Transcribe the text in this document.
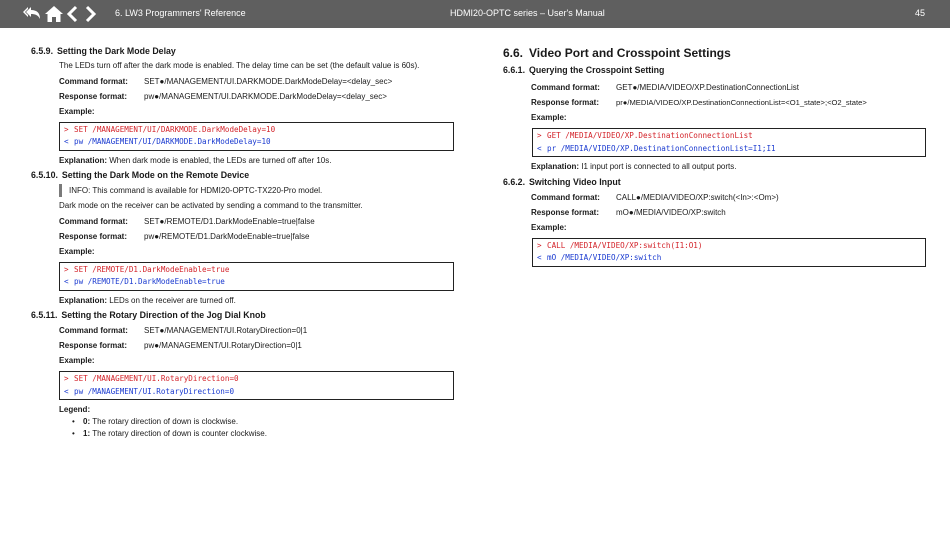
6. LW3 Programmers' Reference	HDMI20-OPTC series – User's Manual	45
6.5.9. Setting the Dark Mode Delay
The LEDs turn off after the dark mode is enabled. The delay time can be set (the default value is 60s).
Command format:	SET●/MANAGEMENT/UI.DARKMODE.DarkModeDelay=<delay_sec>
Response format:	pw●/MANAGEMENT/UI.DARKMODE.DarkModeDelay=<delay_sec>
Example:
> SET /MANAGEMENT/UI/DARKMODE.DarkModeDelay=10
< pw /MANAGEMENT/UI/DARKMODE.DarkModeDelay=10
Explanation: When dark mode is enabled, the LEDs are turned off after 10s.
6.5.10. Setting the Dark Mode on the Remote Device
INFO: This command is available for HDMI20-OPTC-TX220-Pro model.
Dark mode on the receiver can be activated by sending a command to the transmitter.
Command format:	SET●/REMOTE/D1.DarkModeEnable=true|false
Response format:	pw●/REMOTE/D1.DarkModeEnable=true|false
Example:
> SET /REMOTE/D1.DarkModeEnable=true
< pw /REMOTE/D1.DarkModeEnable=true
Explanation: LEDs on the receiver are turned off.
6.5.11. Setting the Rotary Direction of the Jog Dial Knob
Command format:	SET●/MANAGEMENT/UI.RotaryDirection=0|1
Response format:	pw●/MANAGEMENT/UI.RotaryDirection=0|1
Example:
> SET /MANAGEMENT/UI.RotaryDirection=0
< pw /MANAGEMENT/UI.RotaryDirection=0
Legend:
• 0: The rotary direction of down is clockwise.
• 1: The rotary direction of down is counter clockwise.
6.6. Video Port and Crosspoint Settings
6.6.1. Querying the Crosspoint Setting
Command format:	GET●/MEDIA/VIDEO/XP.DestinationConnectionList
Response format:	pr●/MEDIA/VIDEO/XP.DestinationConnectionList=<O1_state>;<O2_state>
Example:
> GET /MEDIA/VIDEO/XP.DestinationConnectionList
< pr /MEDIA/VIDEO/XP.DestinationConnectionList=I1;I1
Explanation: I1 input port is connected to all output ports.
6.6.2. Switching Video Input
Command format:	CALL●/MEDIA/VIDEO/XP:switch(<In>:<Om>)
Response format:	mO●/MEDIA/VIDEO/XP:switch
Example:
> CALL /MEDIA/VIDEO/XP:switch(I1:O1)
< mO /MEDIA/VIDEO/XP:switch
